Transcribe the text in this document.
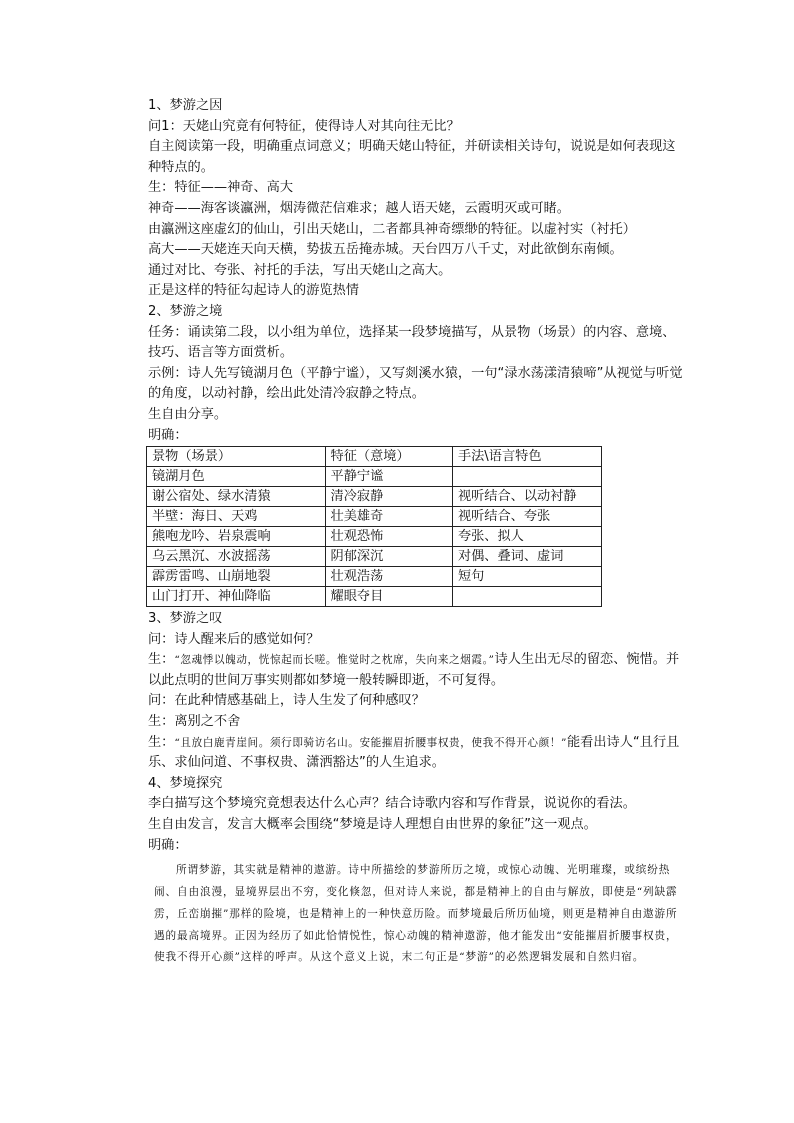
1、梦游之因

问1：天姥山究竟有何特征，使得诗人对其向往无比？

自主阅读第一段，明确重点词意义；明确天姥山特征，并研读相关诗句，说说是如何表现这种特点的。

生：特征——神奇、高大

神奇——海客谈瀛洲，烟涛微茫信难求；越人语天姥，云霞明灭或可睹。

由瀛洲这座虚幻的仙山，引出天姥山，二者都具神奇缥缈的特征。以虚衬实（衬托）

高大——天姥连天向天横，势拔五岳掩赤城。天台四万八千丈，对此欲倒东南倾。

通过对比、夸张、衬托的手法，写出天姥山之高大。

正是这样的特征勾起诗人的游览热情

2、梦游之境

任务：诵读第二段，以小组为单位，选择某一段梦境描写，从景物（场景）的内容、意境、技巧、语言等方面赏析。

示例：诗人先写镜湖月色（平静宁谧），又写剡溪水猿，一句“渌水荡漾清猿啼”从视觉与听觉的角度，以动衬静，绘出此处清冷寂静之特点。

生自由分享。

明确：

景物（场景）	特征（意境）	手法\语言特色
镜湖月色	平静宁谧	
谢公宿处、绿水清猿	清冷寂静	视听结合、以动衬静
半壁：海日、天鸡	壮美雄奇	视听结合、夸张
熊咆龙吟、岩泉震响	壮观恐怖	夸张、拟人
乌云黑沉、水波摇荡	阴郁深沉	对偶、叠词、虚词
霹雳雷鸣、山崩地裂	壮观浩荡	短句
山门打开、神仙降临	耀眼夺目	

3、梦游之叹

问：诗人醒来后的感觉如何？

生：“忽魂悸以魄动，恍惊起而长嗟。惟觉时之枕席，失向来之烟霞。”诗人生出无尽的留恋、惋惜。并以此点明的世间万事实则都如梦境一般转瞬即逝，不可复得。

问：在此种情感基础上，诗人生发了何种感叹？

生：离别之不舍

生：“且放白鹿青崖间。须行即骑访名山。安能摧眉折腰事权贵，使我不得开心颜！”能看出诗人“且行且乐、求仙问道、不事权贵、潇洒豁达”的人生追求。

4、梦境探究

李白描写这个梦境究竟想表达什么心声？结合诗歌内容和写作背景，说说你的看法。

生自由发言，发言大概率会围绕“梦境是诗人理想自由世界的象征”这一观点。

明确：

所谓梦游，其实就是精神的遨游。诗中所描绘的梦游所历之境，或惊心动魄、光明璀璨，或缤纷热闹、自由浪漫，显境界层出不穷，变化倏忽，但对诗人来说，都是精神上的自由与解放，即使是“列缺霹雳，丘峦崩摧”那样的险境，也是精神上的一种快意历险。而梦境最后所历仙境，则更是精神自由遨游所遇的最高境界。正因为经历了如此恰情悦性，惊心动魄的精神遨游，他才能发出“安能摧眉折腰事权贵，使我不得开心颜”这样的呼声。从这个意义上说，末二句正是“梦游”的必然逻辑发展和自然归宿。
